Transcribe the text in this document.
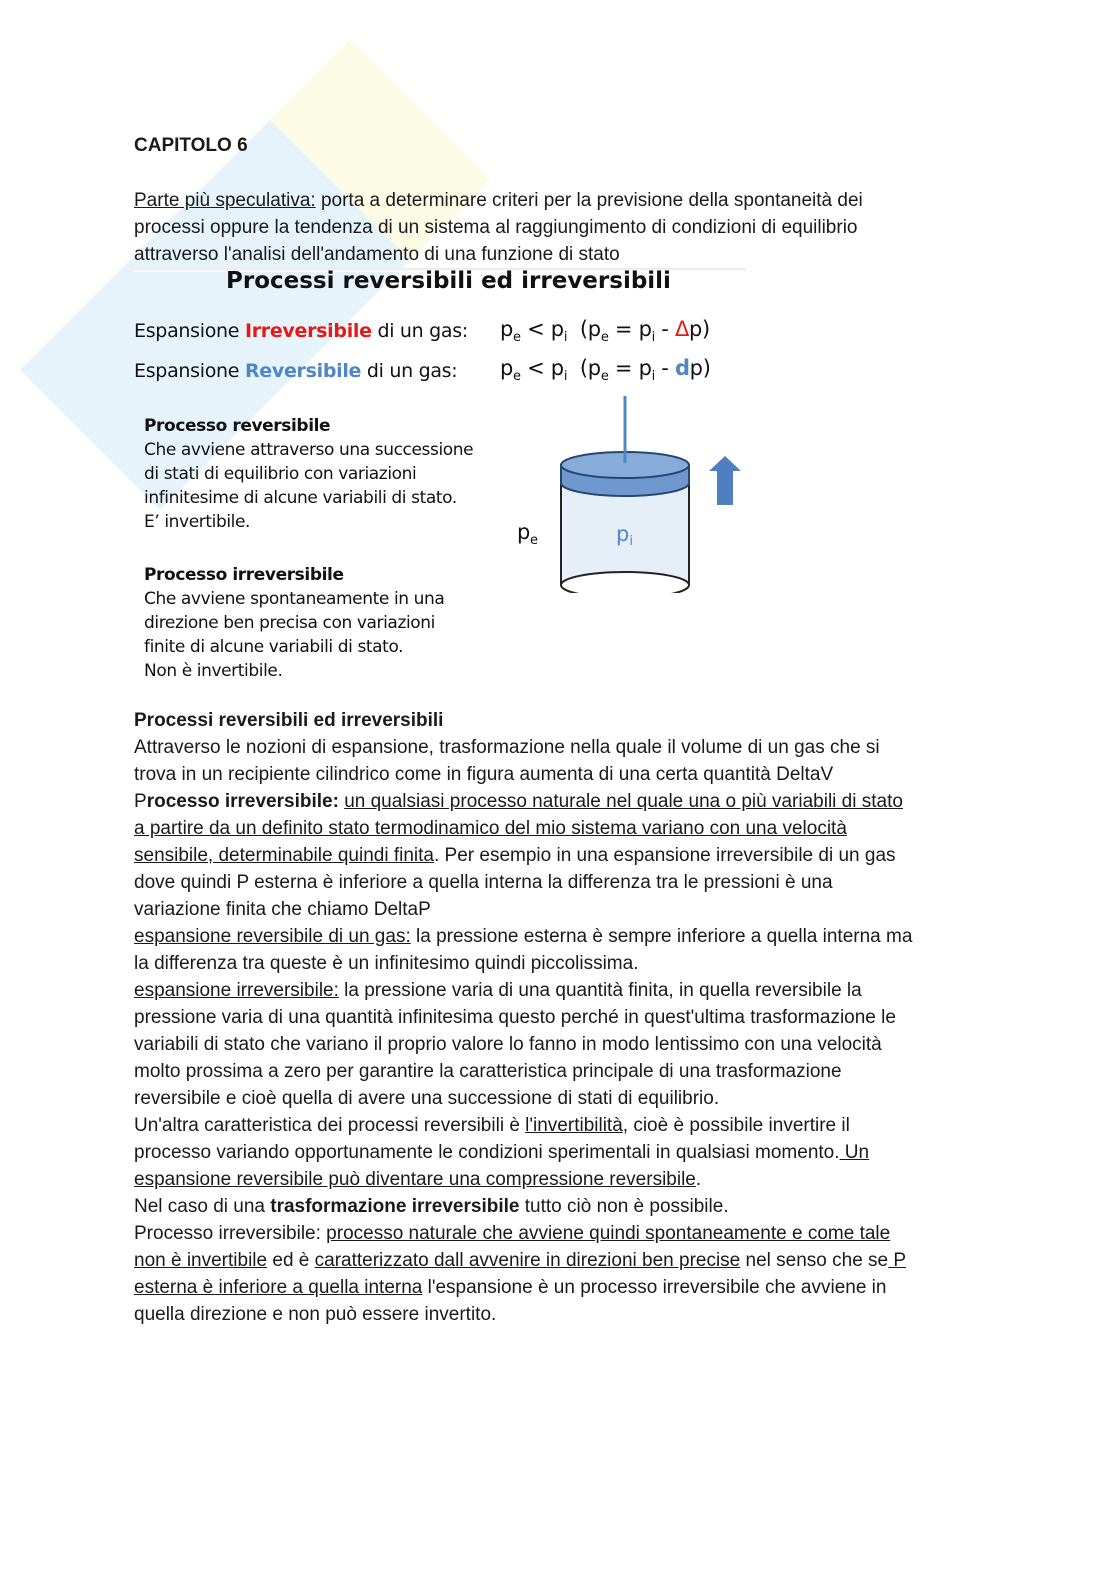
CAPITOLO 6
Parte più speculativa: porta a determinare criteri per la previsione della spontaneità dei
processi oppure la tendenza di un sistema al raggiungimento di condizioni di equilibrio
attraverso l'analisi dell'andamento di una funzione di stato
Processi reversibili ed irreversibili
Espansione Irreversibile di un gas: $p_e < p_i$  $(p_e = p_i - \Delta p)$
Espansione Reversibile di un gas: $p_e < p_i$  $(p_e = p_i - dp)$
Processo reversibile
Che avviene attraverso una successione
di stati di equilibrio con variazioni
infinitesime di alcune variabili di stato.
E’ invertibile.
Processo irreversibile
Che avviene spontaneamente in una
direzione ben precisa con variazioni
finite di alcune variabili di stato.
Non è invertibile.
$p_e$	pi
Processi reversibili ed irreversibili
Attraverso le nozioni di espansione, trasformazione nella quale il volume di un gas che si
trova in un recipiente cilindrico come in figura aumenta di una certa quantità DeltaV
Processo irreversibile: un qualsiasi processo naturale nel quale una o più variabili di stato
a partire da un definito stato termodinamico del mio sistema variano con una velocità
sensibile, determinabile quindi finita. Per esempio in una espansione irreversibile di un gas
dove quindi P esterna è inferiore a quella interna la differenza tra le pressioni è una
variazione finita che chiamo DeltaP
espansione reversibile di un gas: la pressione esterna è sempre inferiore a quella interna ma
la differenza tra queste è un infinitesimo quindi piccolissima.
espansione irreversibile: la pressione varia di una quantità finita, in quella reversibile la
pressione varia di una quantità infinitesima questo perché in quest'ultima trasformazione le
variabili di stato che variano il proprio valore lo fanno in modo lentissimo con una velocità
molto prossima a zero per garantire la caratteristica principale di una trasformazione
reversibile e cioè quella di avere una successione di stati di equilibrio.
Un'altra caratteristica dei processi reversibili è l'invertibilità, cioè è possibile invertire il
processo variando opportunamente le condizioni sperimentali in qualsiasi momento. Un
espansione reversibile può diventare una compressione reversibile.
Nel caso di una trasformazione irreversibile tutto ciò non è possibile.
Processo irreversibile: processo naturale che avviene quindi spontaneamente e come tale
non è invertibile ed è caratterizzato dall avvenire in direzioni ben precise nel senso che se P
esterna è inferiore a quella interna l'espansione è un processo irreversibile che avviene in
quella direzione e non può essere invertito.
